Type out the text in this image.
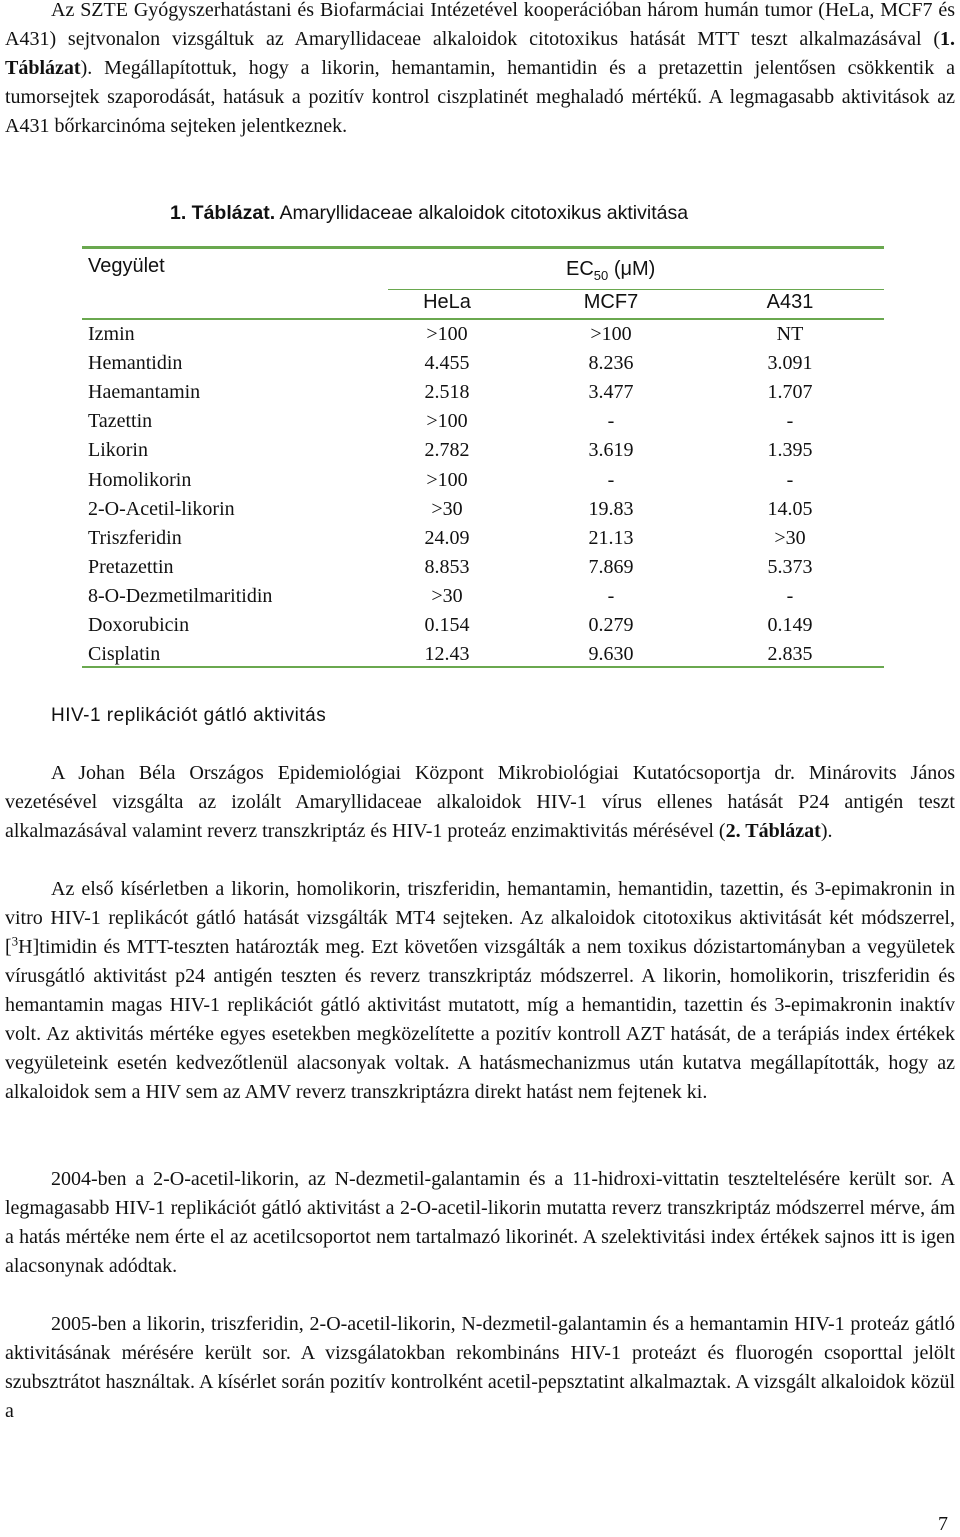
Az SZTE Gyógyszerhatástani és Biofarmáciai Intézetével kooperációban három humán tumor (HeLa, MCF7 és A431) sejtvonalon vizsgáltuk az Amaryllidaceae alkaloidok citotoxikus hatását MTT teszt alkalmazásával (1. Táblázat). Megállapítottuk, hogy a likorin, hemantamin, hemantidin és a pretazettin jelentősen csökkentik a tumorsejtek szaporodását, hatásuk a pozitív kontrol ciszplatinét meghaladó mértékű. A legmagasabb aktivitások az A431 bőrkarcinóma sejteken jelentkeznek.
1. Táblázat. Amaryllidaceae alkaloidok citotoxikus aktivitása
Vegyület	$EC_{50}$ (μM)
HeLa	MCF7	A431
Izmin	>100	>100	NT
Hemantidin	4.455	8.236	3.091
Haemantamin	2.518	3.477	1.707
Tazettin	>100	-	-
Likorin	2.782	3.619	1.395
Homolikorin	>100	-	-
2-O-Acetil-likorin	>30	19.83	14.05
Triszferidin	24.09	21.13	>30
Pretazettin	8.853	7.869	5.373
8-O-Dezmetilmaritidin	>30	-	-
Doxorubicin	0.154	0.279	0.149
Cisplatin	12.43	9.630	2.835
HIV-1 replikációt gátló aktivitás
A Johan Béla Országos Epidemiológiai Központ Mikrobiológiai Kutatócsoportja dr. Minárovits János vezetésével vizsgálta az izolált Amaryllidaceae alkaloidok HIV-1 vírus ellenes hatását P24 antigén teszt alkalmazásával valamint reverz transzkriptáz és HIV-1 proteáz enzimaktivitás mérésével (2. Táblázat).
Az első kísérletben a likorin, homolikorin, triszferidin, hemantamin, hemantidin, tazettin, és 3-epimakronin in vitro HIV-1 replikácót gátló hatását vizsgálták MT4 sejteken. Az alkaloidok citotoxikus aktivitását két módszerrel, [$^3$H]timidin és MTT-teszten határozták meg. Ezt követően vizsgálták a nem toxikus dózistartományban a vegyületek vírusgátló aktivitást p24 antigén teszten és reverz transzkriptáz módszerrel. A likorin, homolikorin, triszferidin és hemantamin magas HIV-1 replikációt gátló aktivitást mutatott, míg a hemantidin, tazettin és 3-epimakronin inaktív volt. Az aktivitás mértéke egyes esetekben megközelítette a pozitív kontroll AZT hatását, de a terápiás index értékek vegyületeink esetén kedvezőtlenül alacsonyak voltak. A hatásmechanizmus után kutatva megállapították, hogy az alkaloidok sem a HIV sem az AMV reverz transzkriptázra direkt hatást nem fejtenek ki.
2004-ben a 2-O-acetil-likorin, az N-dezmetil-galantamin és a 11-hidroxi-vittatin teszteltelésére került sor. A legmagasabb HIV-1 replikációt gátló aktivitást a 2-O-acetil-likorin mutatta reverz transzkriptáz módszerrel mérve, ám a hatás mértéke nem érte el az acetilcsoportot nem tartalmazó likorinét. A szelektivitási index értékek sajnos itt is igen alacsonynak adódtak.
2005-ben a likorin, triszferidin, 2-O-acetil-likorin, N-dezmetil-galantamin és a hemantamin HIV-1 proteáz gátló aktivitásának mérésére került sor. A vizsgálatokban rekombináns HIV-1 proteázt és fluorogén csoporttal jelölt szubsztrátot használtak. A kísérlet során pozitív kontrolként acetil-pepsztatint alkalmaztak. A vizsgált alkaloidok közül a
7
